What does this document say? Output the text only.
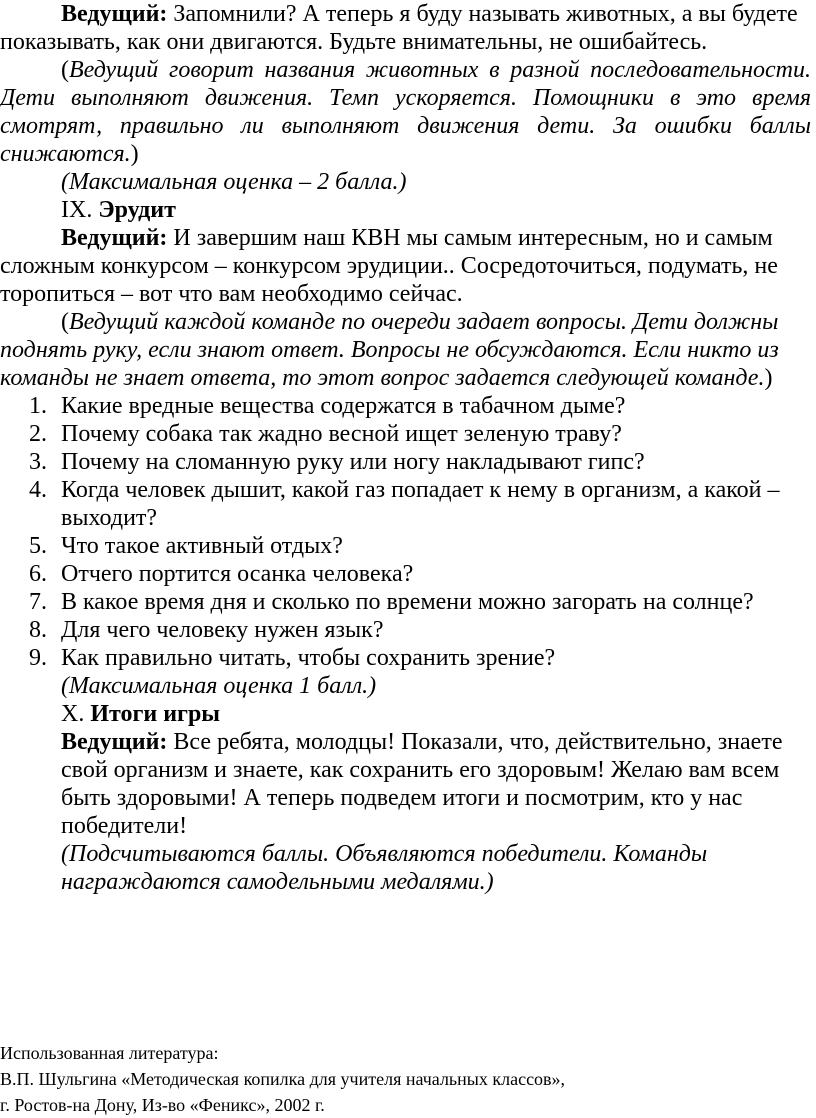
Ведущий: Запомнили? А теперь я буду называть животных, а вы будете показывать, как они двигаются. Будьте внимательны, не ошибайтесь.

(Ведущий говорит названия животных в разной последовательности. Дети выполняют движения. Темп ускоряется. Помощники в это время смотрят, правильно ли выполняют движения дети. За ошибки баллы снижаются.)

(Максимальная оценка – 2 балла.)

IX. Эрудит

Ведущий: И завершим наш КВН мы самым интересным, но и самым сложным конкурсом – конкурсом эрудиции.. Сосредоточиться, подумать, не торопиться – вот что вам необходимо сейчас.

(Ведущий каждой команде по очереди задает вопросы. Дети должны поднять руку, если знают ответ. Вопросы не обсуждаются. Если никто из команды не знает ответа, то этот вопрос задается следующей команде.)

1. Какие вредные вещества содержатся в табачном дыме?
2. Почему собака так жадно весной ищет зеленую траву?
3. Почему на сломанную руку или ногу накладывают гипс?
4. Когда человек дышит, какой газ попадает к нему в организм, а какой – выходит?
5. Что такое активный отдых?
6. Отчего портится осанка человека?
7. В какое время дня и сколько по времени можно загорать на солнце?
8. Для чего человеку нужен язык?
9. Как правильно читать, чтобы сохранить зрение?

(Максимальная оценка 1 балл.)

X. Итоги игры

Ведущий: Все ребята, молодцы! Показали, что, действительно, знаете свой организм и знаете, как сохранить его здоровым! Желаю вам всем быть здоровыми! А теперь подведем итоги и посмотрим, кто у нас победители!

(Подсчитываются баллы. Объявляются победители. Команды награждаются самодельными медалями.)

Использованная литература:
В.П. Шульгина «Методическая копилка для учителя начальных классов»,
г. Ростов-на Дону, Из-во «Феникс», 2002 г.
